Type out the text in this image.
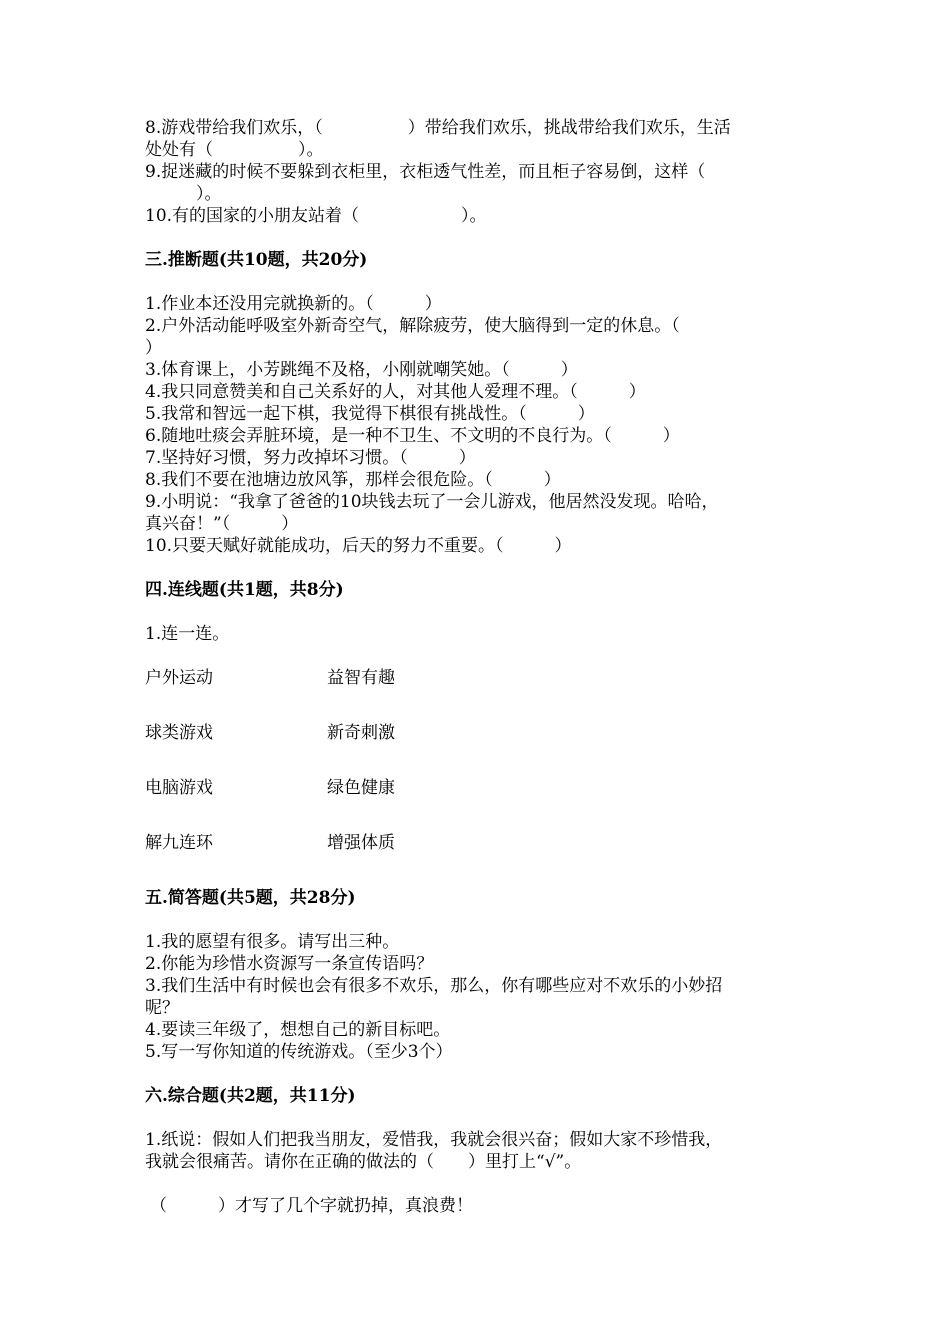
8.游戏带给我们欢乐，（　　　　　）带给我们欢乐，挑战带给我们欢乐，生活
处处有（　　　　　）。
9.捉迷藏的时候不要躲到衣柜里，衣柜透气性差，而且柜子容易倒，这样（
　　　）。
10.有的国家的小朋友站着（　　　　　　）。
三.推断题(共10题，共20分)
1.作业本还没用完就换新的。（　　　）
2.户外活动能呼吸室外新奇空气，解除疲劳，使大脑得到一定的休息。（
）
3.体育课上，小芳跳绳不及格，小刚就嘲笑她。（　　　）
4.我只同意赞美和自己关系好的人，对其他人爱理不理。（　　　）
5.我常和智远一起下棋，我觉得下棋很有挑战性。（　　　）
6.随地吐痰会弄脏环境，是一种不卫生、不文明的不良行为。（　　　）
7.坚持好习惯，努力改掉坏习惯。（　　　）
8.我们不要在池塘边放风筝，那样会很危险。（　　　）
9.小明说：“我拿了爸爸的10块钱去玩了一会儿游戏，他居然没发现。哈哈，
真兴奋！”（　　　）
10.只要天赋好就能成功，后天的努力不重要。（　　　）
四.连线题(共1题，共8分)
1.连一连。
户外运动	益智有趣
球类游戏	新奇刺激
电脑游戏	绿色健康
解九连环	增强体质
五.简答题(共5题，共28分)
1.我的愿望有很多。请写出三种。
2.你能为珍惜水资源写一条宣传语吗？
3.我们生活中有时候也会有很多不欢乐，那么，你有哪些应对不欢乐的小妙招
呢？
4.要读三年级了，想想自己的新目标吧。
5.写一写你知道的传统游戏。（至少3个）
六.综合题(共2题，共11分)
1.纸说：假如人们把我当朋友，爱惜我，我就会很兴奋；假如大家不珍惜我，
我就会很痛苦。请你在正确的做法的（　　）里打上“√”。
（　　　）才写了几个字就扔掉，真浪费！
